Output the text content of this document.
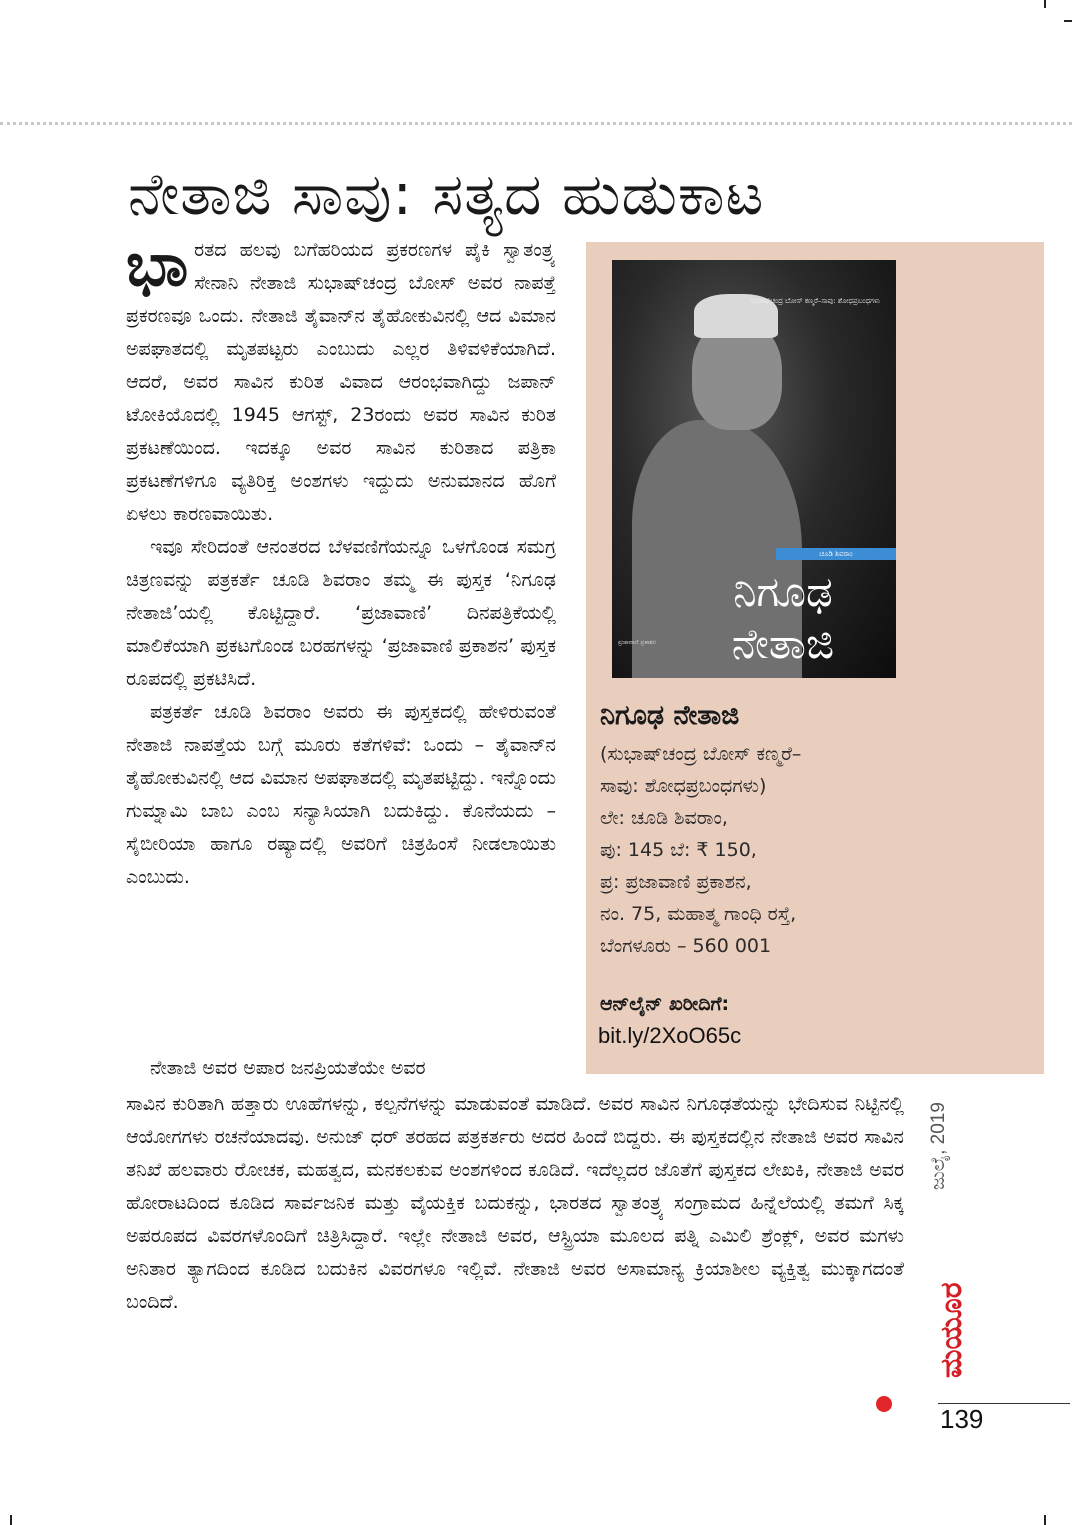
ನೇತಾಜಿ ಸಾವು: ಸತ್ಯದ ಹುಡುಕಾಟ

ಭಾರತದ ಹಲವು ಬಗೆಹರಿಯದ ಪ್ರಕರಣಗಳ ಪೈಕಿ ಸ್ವಾತಂತ್ರ್ಯ ಸೇನಾನಿ ನೇತಾಜಿ ಸುಭಾಷ್‌ಚಂದ್ರ ಬೋಸ್ ಅವರ ನಾಪತ್ತೆ ಪ್ರಕರಣವೂ ಒಂದು. ನೇತಾಜಿ ತೈವಾನ್‌ನ ತೈಹೋಕುವಿನಲ್ಲಿ ಆದ ವಿಮಾನ ಅಪಘಾತದಲ್ಲಿ ಮೃತಪಟ್ಟರು ಎಂಬುದು ಎಲ್ಲರ ತಿಳಿವಳಿಕೆಯಾಗಿದೆ. ಆದರೆ, ಅವರ ಸಾವಿನ ಕುರಿತ ವಿವಾದ ಆರಂಭವಾಗಿದ್ದು ಜಪಾನ್ ಟೋಕಿಯೊದಲ್ಲಿ 1945 ಆಗಸ್ಟ್, 23ರಂದು ಅವರ ಸಾವಿನ ಕುರಿತ ಪ್ರಕಟಣೆಯಿಂದ. ಇದಕ್ಕೂ ಅವರ ಸಾವಿನ ಕುರಿತಾದ ಪತ್ರಿಕಾ ಪ್ರಕಟಣೆಗಳಿಗೂ ವ್ಯತಿರಿಕ್ತ ಅಂಶಗಳು ಇದ್ದುದು ಅನುಮಾನದ ಹೊಗೆ ಏಳಲು ಕಾರಣವಾಯಿತು.

ಇವೂ ಸೇರಿದಂತೆ ಆನಂತರದ ಬೆಳವಣಿಗೆಯನ್ನೂ ಒಳಗೊಂಡ ಸಮಗ್ರ ಚಿತ್ರಣವನ್ನು ಪತ್ರಕರ್ತೆ ಚೂಡಿ ಶಿವರಾಂ ತಮ್ಮ ಈ ಪುಸ್ತಕ ‘ನಿಗೂಢ ನೇತಾಜಿ’ಯಲ್ಲಿ ಕೊಟ್ಟಿದ್ದಾರೆ. ‘ಪ್ರಜಾವಾಣಿ’ ದಿನಪತ್ರಿಕೆಯಲ್ಲಿ ಮಾಲಿಕೆಯಾಗಿ ಪ್ರಕಟಗೊಂಡ ಬರಹಗಳನ್ನು ‘ಪ್ರಜಾವಾಣಿ ಪ್ರಕಾಶನ’ ಪುಸ್ತಕ ರೂಪದಲ್ಲಿ ಪ್ರಕಟಿಸಿದೆ.

ಪತ್ರಕರ್ತೆ ಚೂಡಿ ಶಿವರಾಂ ಅವರು ಈ ಪುಸ್ತಕದಲ್ಲಿ ಹೇಳಿರುವಂತೆ ನೇತಾಜಿ ನಾಪತ್ತೆಯ ಬಗ್ಗೆ ಮೂರು ಕತೆಗಳಿವೆ: ಒಂದು – ತೈವಾನ್‌ನ ತೈಹೋಕುವಿನಲ್ಲಿ ಆದ ವಿಮಾನ ಅಪಘಾತದಲ್ಲಿ ಮೃತಪಟ್ಟಿದ್ದು. ಇನ್ನೊಂದು ಗುಮ್ನಾಮಿ ಬಾಬ ಎಂಬ ಸನ್ಯಾಸಿಯಾಗಿ ಬದುಕಿದ್ದು. ಕೊನೆಯದು – ಸೈಬೀರಿಯಾ ಹಾಗೂ ರಷ್ಯಾದಲ್ಲಿ ಅವರಿಗೆ ಚಿತ್ರಹಿಂಸೆ ನೀಡಲಾಯಿತು ಎಂಬುದು.

ನೇತಾಜಿ ಅವರ ಅಪಾರ ಜನಪ್ರಿಯತೆಯೇ ಅವರ

ಸುಭಾಷ್‌ಚಂದ್ರ ಬೋಸ್ ಕಣ್ಮರೆ–ಸಾವು: ಶೋಧಪ್ರಬಂಧಗಳು
ಚೂಡಿ ಶಿವರಾಂ
ನಿಗೂಢ
ನೇತಾಜಿ
ಪ್ರಜಾವಾಣಿ ಪ್ರಕಾಶನ
ನಿಗೂಢ ನೇತಾಜಿ
(ಸುಭಾಷ್‌ಚಂದ್ರ ಬೋಸ್ ಕಣ್ಮರೆ–
ಸಾವು: ಶೋಧಪ್ರಬಂಧಗಳು)
ಲೇ: ಚೂಡಿ ಶಿವರಾಂ,
ಪು: 145 ಬೆ: ₹ 150,
ಪ್ರ: ಪ್ರಜಾವಾಣಿ ಪ್ರಕಾಶನ,
ನಂ. 75, ಮಹಾತ್ಮ ಗಾಂಧಿ ರಸ್ತೆ,
ಬೆಂಗಳೂರು – 560 001
ಆನ್‌ಲೈನ್ ಖರೀದಿಗೆ:
bit.ly/2XoO65c

ಸಾವಿನ ಕುರಿತಾಗಿ ಹತ್ತಾರು ಊಹೆಗಳನ್ನು, ಕಲ್ಪನೆಗಳನ್ನು ಮಾಡುವಂತೆ ಮಾಡಿದೆ. ಅವರ ಸಾವಿನ ನಿಗೂಢತೆಯನ್ನು ಭೇದಿಸುವ ನಿಟ್ಟಿನಲ್ಲಿ ಆಯೋಗಗಳು ರಚನೆಯಾದವು. ಅನುಜ್ ಧರ್ ತರಹದ ಪತ್ರಕರ್ತರು ಅದರ ಹಿಂದೆ ಬಿದ್ದರು. ಈ ಪುಸ್ತಕದಲ್ಲಿನ ನೇತಾಜಿ ಅವರ ಸಾವಿನ ತನಿಖೆ ಹಲವಾರು ರೋಚಕ, ಮಹತ್ವದ, ಮನಕಲಕುವ ಅಂಶಗಳಿಂದ ಕೂಡಿದೆ. ಇದೆಲ್ಲದರ ಜೊತೆಗೆ ಪುಸ್ತಕದ ಲೇಖಕಿ, ನೇತಾಜಿ ಅವರ ಹೋರಾಟದಿಂದ ಕೂಡಿದ ಸಾರ್ವಜನಿಕ ಮತ್ತು ವೈಯಕ್ತಿಕ ಬದುಕನ್ನು, ಭಾರತದ ಸ್ವಾತಂತ್ರ್ಯ ಸಂಗ್ರಾಮದ ಹಿನ್ನೆಲೆಯಲ್ಲಿ ತಮಗೆ ಸಿಕ್ಕ ಅಪರೂಪದ ವಿವರಗಳೊಂದಿಗೆ ಚಿತ್ರಿಸಿದ್ದಾರೆ. ಇಲ್ಲೇ ನೇತಾಜಿ ಅವರ, ಆಸ್ಟ್ರಿಯಾ ಮೂಲದ ಪತ್ನಿ ಎಮಿಲಿ ಶ್ರೆಂಕ್ಲ್, ಅವರ ಮಗಳು ಅನಿತಾರ ತ್ಯಾಗದಿಂದ ಕೂಡಿದ ಬದುಕಿನ ವಿವರಗಳೂ ಇಲ್ಲಿವೆ. ನೇತಾಜಿ ಅವರ ಅಸಾಮಾನ್ಯ ಕ್ರಿಯಾಶೀಲ ವ್ಯಕ್ತಿತ್ವ ಮುಕ್ಕಾಗದಂತೆ ಬಂದಿದೆ.

ಜುಲೈ, 2019
ಮಯೂರ
139
